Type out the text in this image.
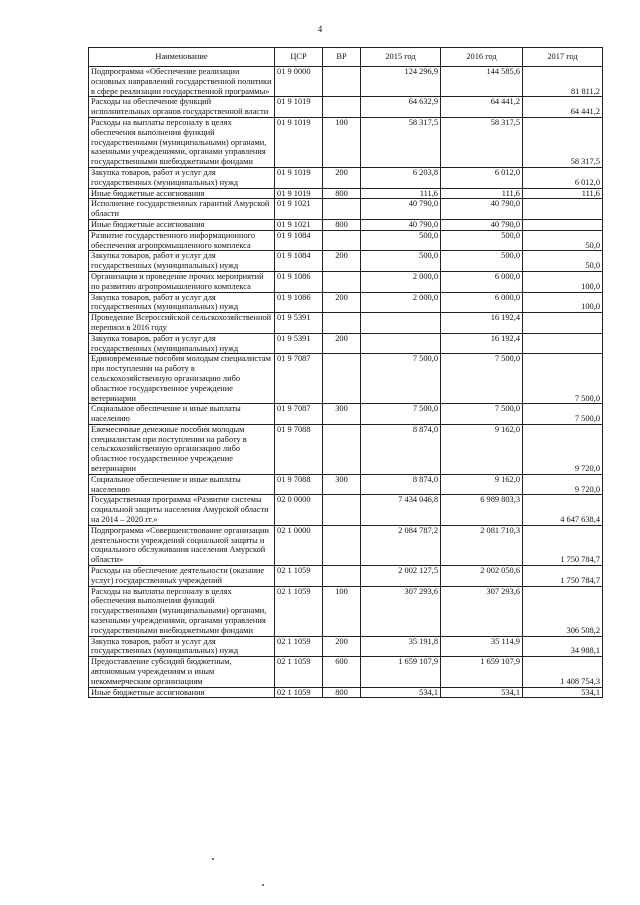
4
Наименование	ЦСР	ВР	2015 год	2016 год	2017 год
Подпрограмма «Обеспечение реализации основных направлений государственной политики в сфере реализации государственной программы»	01 9 0000		124 296,9	144 585,6	81 811,2
Расходы на обеспечение функций исполнительных органов государственной власти	01 9 1019		64 632,9	64 441,2	64 441,2
Расходы на выплаты персоналу в целях обеспечения выполнения функций государственными (муниципальными) органами, казенными учреждениями, органами управления государственными внебюджетными фондами	01 9 1019	100	58 317,5	58 317,5	58 317,5
Закупка товаров, работ и услуг для государственных (муниципальных) нужд	01 9 1019	200	6 203,8	6 012,0	6 012,0
Иные бюджетные ассигнования	01 9 1019	800	111,6	111,6	111,6
Исполнение государственных гарантий Амурской области	01 9 1021		40 790,0	40 790,0	
Иные бюджетные ассигнования	01 9 1021	800	40 790,0	40 790,0	
Развитие государственного информационного обеспечения агропромышленного комплекса	01 9 1084		500,0	500,0	50,0
Закупка товаров, работ и услуг для государственных (муниципальных) нужд	01 9 1084	200	500,0	500,0	50,0
Организация и проведение прочих мероприятий по развитию агропромышленного комплекса	01 9 1086		2 000,0	6 000,0	100,0
Закупка товаров, работ и услуг для государственных (муниципальных) нужд	01 9 1086	200	2 000,0	6 000,0	100,0
Проведение Всероссийской сельскохозяйственной переписи в 2016 году	01 9 5391			16 192,4	
Закупка товаров, работ и услуг для государственных (муниципальных) нужд	01 9 5391	200		16 192,4	
Единовременные пособия молодым специалистам при поступлении на работу в сельскохозяйственную организацию либо областное государственное учреждение ветеринарии	01 9 7087		7 500,0	7 500,0	7 500,0
Социальное обеспечение и иные выплаты населению	01 9 7087	300	7 500,0	7 500,0	7 500,0
Ежемесячные денежные пособия молодым специалистам при поступлении на работу в сельскохозяйственную организацию либо областное государственное учреждение ветеринарии	01 9 7088		8 874,0	9 162,0	9 720,0
Социальное обеспечение и иные выплаты населению	01 9 7088	300	8 874,0	9 162,0	9 720,0
Государственная программа «Развитие системы социальной защиты населения Амурской области на 2014 – 2020 гг.»	02 0 0000		7 434 046,8	6 989 803,3	4 647 638,4
Подпрограмма «Совершенствование организации деятельности учреждений социальной защиты и социального обслуживания населения Амурской области»	02 1 0000		2 084 787,2	2 081 710,3	1 750 784,7
Расходы на обеспечение деятельности (оказание услуг) государственных учреждений	02 1 1059		2 002 127,5	2 002 050,6	1 750 784,7
Расходы на выплаты персоналу в целях обеспечения выполнения функций государственными (муниципальными) органами, казенными учреждениями, органами управления государственными внебюджетными фондами	02 1 1059	100	307 293,6	307 293,6	306 508,2
Закупка товаров, работ и услуг для государственных (муниципальных) нужд	02 1 1059	200	35 191,8	35 114,9	34 988,1
Предоставление субсидий бюджетным, автономным учреждениям и иным некоммерческим организациям	02 1 1059	600	1 659 107,9	1 659 107,9	1 408 754,3
Иные бюджетные ассигнования	02 1 1059	800	534,1	534,1	534,1
